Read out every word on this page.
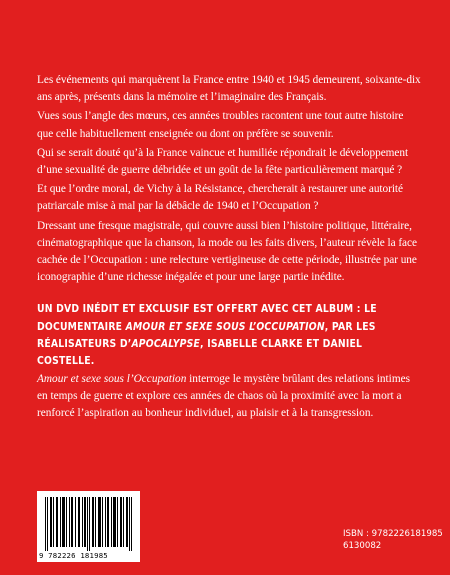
Les événements qui marquèrent la France entre 1940 et 1945 demeurent, soixante-dix ans après, présents dans la mémoire et l’imaginaire des Français.

Vues sous l’angle des mœurs, ces années troubles racontent une tout autre histoire que celle habituellement enseignée ou dont on préfère se souvenir.

Qui se serait douté qu’à la France vaincue et humiliée répondrait le développement d’une sexualité de guerre débridée et un goût de la fête particulièrement marqué ?

Et que l’ordre moral, de Vichy à la Résistance, chercherait à restaurer une autorité patriarcale mise à mal par la débâcle de 1940 et l’Occupation ?

Dressant une fresque magistrale, qui couvre aussi bien l’histoire politique, littéraire, cinématographique que la chanson, la mode ou les faits divers, l’auteur révèle la face cachée de l’Occupation : une relecture vertigineuse de cette période, illustrée par une iconographie d’une richesse inégalée et pour une large partie inédite.

UN DVD INÉDIT ET EXCLUSIF EST OFFERT AVEC CET ALBUM : LE DOCUMENTAIRE AMOUR ET SEXE SOUS L’OCCUPATION, PAR LES RÉALISATEURS D’APOCALYPSE, ISABELLE CLARKE ET DANIEL COSTELLE.

Amour et sexe sous l’Occupation interroge le mystère brûlant des relations intimes en temps de guerre et explore ces années de chaos où la proximité avec la mort a renforcé l’aspiration au bonheur individuel, au plaisir et à la transgression.

9 782226 181985
ISBN : 9782226181985
6130082
